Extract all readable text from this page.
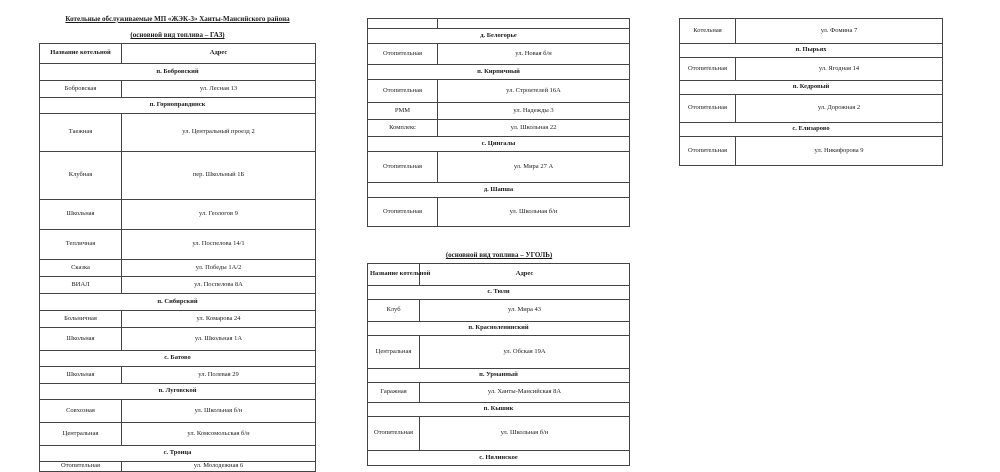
Котельные обслуживаемые МП «ЖЭК-3» Ханты-Мансийского района
(основной вид топлива – ГАЗ)
(основной вид топлива – УГОЛЬ)
Название котельной	Адрес
п. Бобровский	
Бобровская	ул. Лесная 13
п. Горноправдинск	
Таежная	ул. Центральный проезд 2
Клубная	пер. Школьный 1Б
Школьная	ул. Геологов 9
Тепличная	ул. Поспелова 14/1
Сказка	ул. Победы 1А/2
ВИАЛ	ул. Поспелова 8А
п. Сибирский	
Больничная	ул. Комарова 24
Школьная	ул. Школьная 1А
с. Батово	
Школьная	ул. Полевая 29
п. Луговской	
Совхозная	ул. Школьная б/н
Центральная	ул. Комсомольская б/н
с. Троица	
Отопительная	ул. Молодежная 6

д. Белогорье	
Отопительная	ул. Новая б/н
п. Кирпичный	
Отопительная	ул. Строителей 16А
РММ	ул. Надежды 3
Комплекс	ул. Школьная 22
с. Цингалы	
Отопительная	ул. Мира 27 А
д. Шапша	
Отопительная	ул. Школьная б/н
Котельная	ул. Фомина 7
п. Пырьях	
Отопительная	ул. Ягодная 14
п. Кедровый	
Отопительная	ул. Дорожная 2
с. Елизарово	
Отопительная	ул. Никифорова 9
Название котельной	Адрес
с. Тюли	
Клуб	ул. Мира 43
п. Красноленинский	
Центральная	ул. Обская 19А
п. Урманный	
Гаражная	ул. Ханты-Мансийская 8А
п. Кышик	
Отопительная	ул. Школьная б/н
с. Нялинское	
